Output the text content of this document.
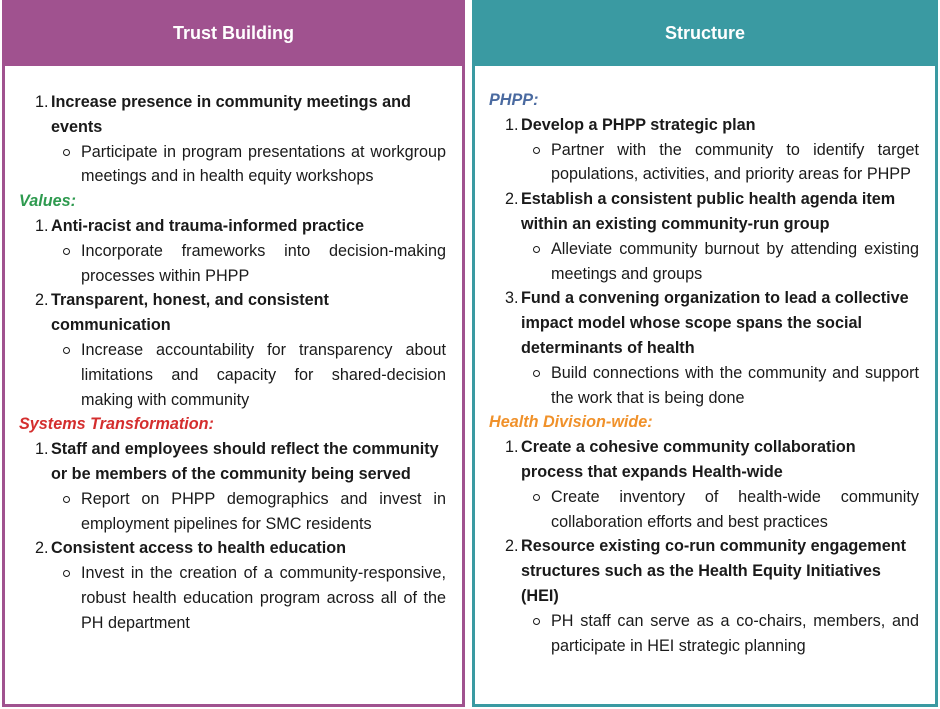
Trust Building
1. Increase presence in community meetings and events
Participate in program presentations at workgroup meetings and in health equity workshops

Values:

1. Anti-racist and trauma-informed practice
Incorporate frameworks into decision-making processes within PHPP
2. Transparent, honest, and consistent communication
Increase accountability for transparency about limitations and capacity for shared-decision making with community

Systems Transformation:

1. Staff and employees should reflect the community or be members of the community being served
Report on PHPP demographics and invest in employment pipelines for SMC residents
2. Consistent access to health education
Invest in the creation of a community-responsive, robust health education program across all of the PH department
Structure

PHPP:

1. Develop a PHPP strategic plan
Partner with the community to identify target populations, activities, and priority areas for PHPP
2. Establish a consistent public health agenda item within an existing community-run group
Alleviate community burnout by attending existing meetings and groups
3. Fund a convening organization to lead a collective impact model whose scope spans the social determinants of health
Build connections with the community and support the work that is being done

Health Division-wide:

1. Create a cohesive community collaboration process that expands Health-wide
Create inventory of health-wide community collaboration efforts and best practices
2. Resource existing co-run community engagement structures such as the Health Equity Initiatives (HEI)
PH staff can serve as a co-chairs, members, and participate in HEI strategic planning
